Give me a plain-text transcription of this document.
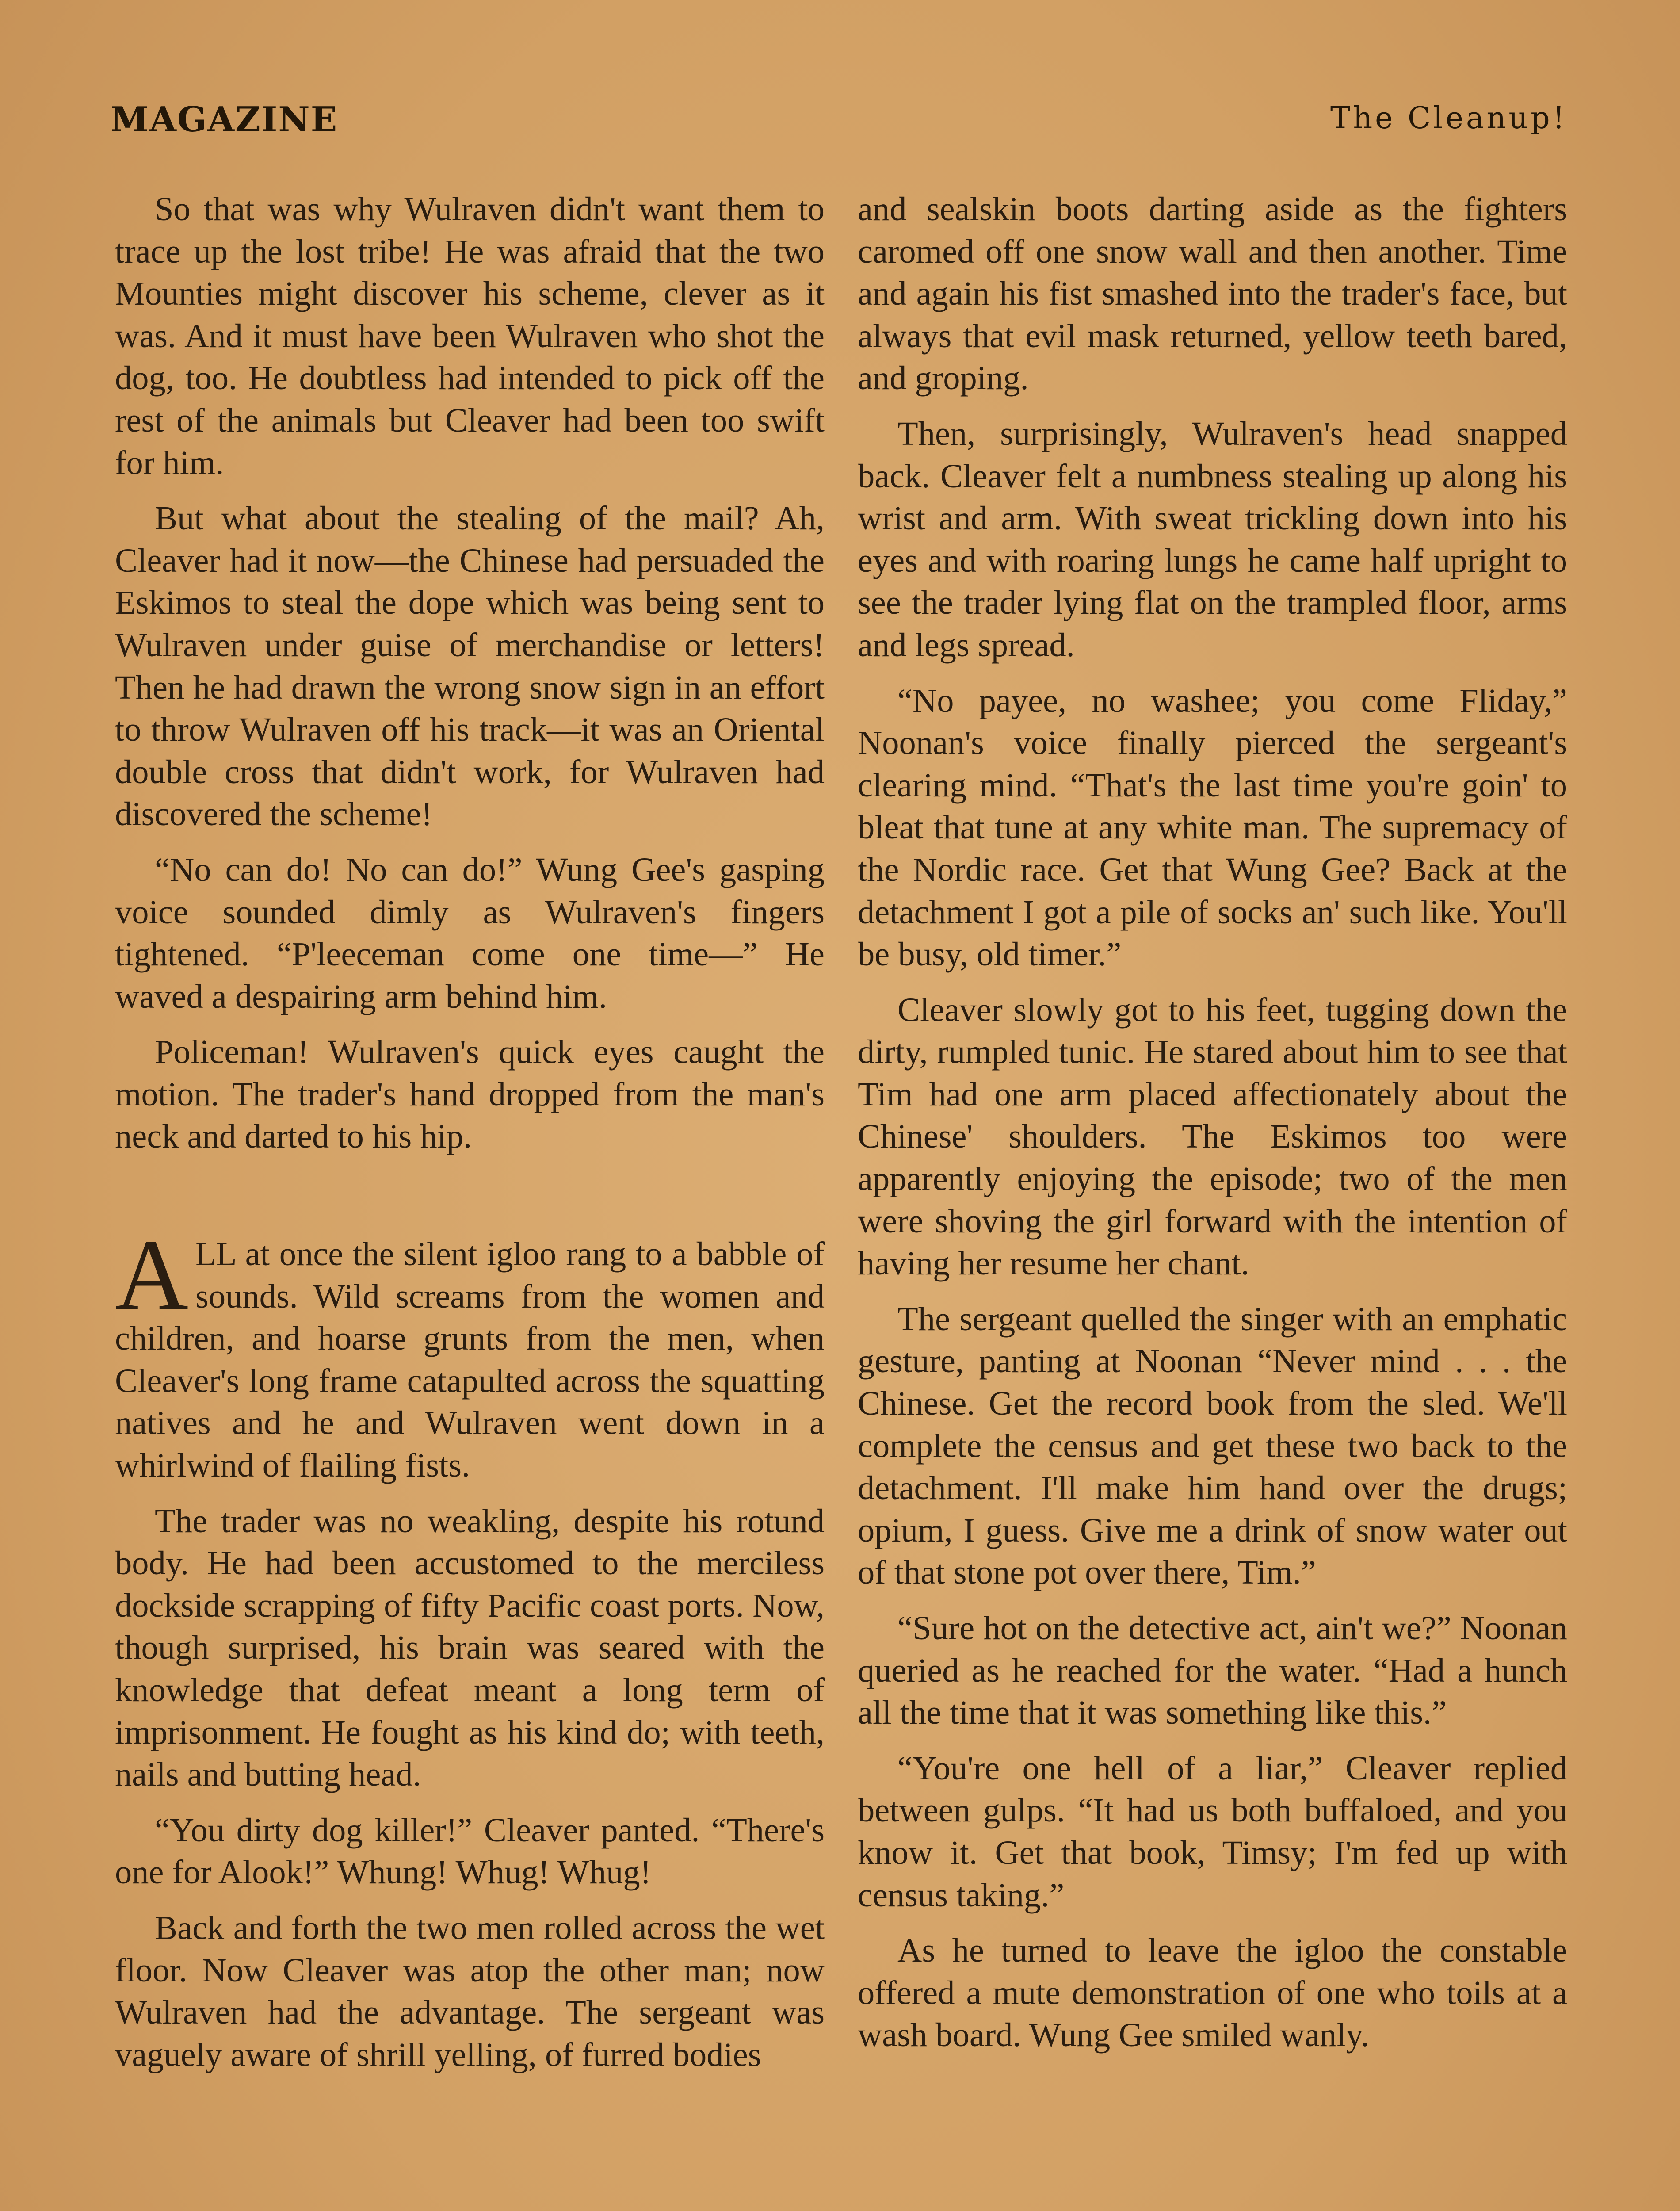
MAGAZINE	The Cleanup!

So that was why Wulraven didn't want them to trace up the lost tribe! He was afraid that the two Mounties might discover his scheme, clever as it was. And it must have been Wulraven who shot the dog, too. He doubtless had intended to pick off the rest of the animals but Cleaver had been too swift for him.

But what about the stealing of the mail? Ah, Cleaver had it now—the Chinese had persuaded the Eskimos to steal the dope which was being sent to Wulraven under guise of merchandise or letters! Then he had drawn the wrong snow sign in an effort to throw Wulraven off his track—it was an Oriental double cross that didn't work, for Wulraven had discovered the scheme!

“No can do! No can do!” Wung Gee's gasping voice sounded dimly as Wulraven's fingers tightened. “P'leeceman come one time—” He waved a despairing arm behind him.

Policeman! Wulraven's quick eyes caught the motion. The trader's hand dropped from the man's neck and darted to his hip.

ALL at once the silent igloo rang to a babble of sounds. Wild screams from the women and children, and hoarse grunts from the men, when Cleaver's long frame catapulted across the squatting natives and he and Wulraven went down in a whirlwind of flailing fists.

The trader was no weakling, despite his rotund body. He had been accustomed to the merciless dockside scrapping of fifty Pacific coast ports. Now, though surprised, his brain was seared with the knowledge that defeat meant a long term of imprisonment. He fought as his kind do; with teeth, nails and butting head.

“You dirty dog killer!” Cleaver panted. “There's one for Alook!” Whung! Whug! Whug!

Back and forth the two men rolled across the wet floor. Now Cleaver was atop the other man; now Wulraven had the advantage. The sergeant was vaguely aware of shrill yelling, of furred bodies

and sealskin boots darting aside as the fighters caromed off one snow wall and then another. Time and again his fist smashed into the trader's face, but always that evil mask returned, yellow teeth bared, and groping.

Then, surprisingly, Wulraven's head snapped back. Cleaver felt a numbness stealing up along his wrist and arm. With sweat trickling down into his eyes and with roaring lungs he came half upright to see the trader lying flat on the trampled floor, arms and legs spread.

“No payee, no washee; you come Fliday,” Noonan's voice finally pierced the sergeant's clearing mind. “That's the last time you're goin' to bleat that tune at any white man. The supremacy of the Nordic race. Get that Wung Gee? Back at the detachment I got a pile of socks an' such like. You'll be busy, old timer.”

Cleaver slowly got to his feet, tugging down the dirty, rumpled tunic. He stared about him to see that Tim had one arm placed affectionately about the Chinese' shoulders. The Eskimos too were apparently enjoying the episode; two of the men were shoving the girl forward with the intention of having her resume her chant.

The sergeant quelled the singer with an emphatic gesture, panting at Noonan “Never mind . . . the Chinese. Get the record book from the sled. We'll complete the census and get these two back to the detachment. I'll make him hand over the drugs; opium, I guess. Give me a drink of snow water out of that stone pot over there, Tim.”

“Sure hot on the detective act, ain't we?” Noonan queried as he reached for the water. “Had a hunch all the time that it was something like this.”

“You're one hell of a liar,” Cleaver replied between gulps. “It had us both buffaloed, and you know it. Get that book, Timsy; I'm fed up with census taking.”

As he turned to leave the igloo the constable offered a mute demonstration of one who toils at a wash board. Wung Gee smiled wanly.
